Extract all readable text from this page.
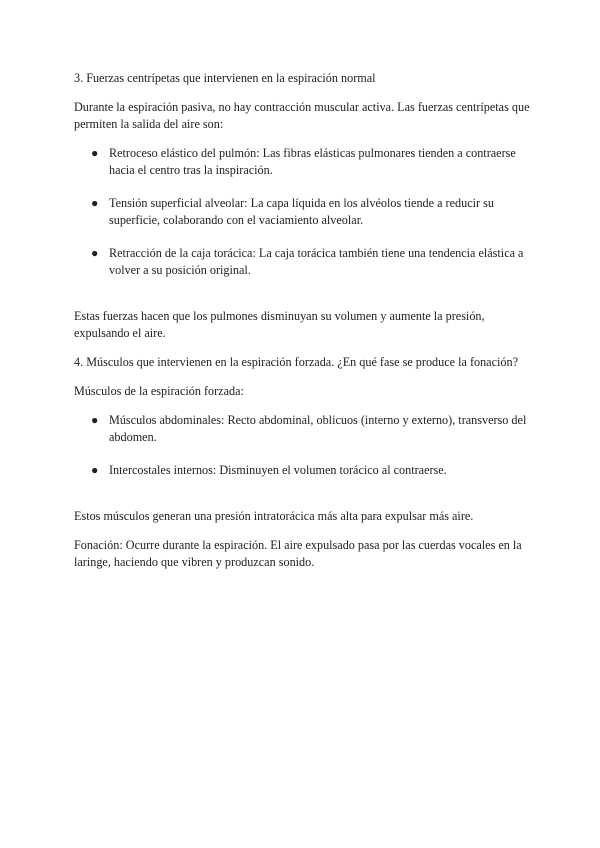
3. Fuerzas centrípetas que intervienen en la espiración normal

Durante la espiración pasiva, no hay contracción muscular activa. Las fuerzas centrípetas que permiten la salida del aire son:

● Retroceso elástico del pulmón: Las fibras elásticas pulmonares tienden a contraerse hacia el centro tras la inspiración.
● Tensión superficial alveolar: La capa líquida en los alvéolos tiende a reducir su superficie, colaborando con el vaciamiento alveolar.
● Retracción de la caja torácica: La caja torácica también tiene una tendencia elástica a volver a su posición original.

Estas fuerzas hacen que los pulmones disminuyan su volumen y aumente la presión, expulsando el aire.

4. Músculos que intervienen en la espiración forzada. ¿En qué fase se produce la fonación?

Músculos de la espiración forzada:

● Músculos abdominales: Recto abdominal, oblicuos (interno y externo), transverso del abdomen.
● Intercostales internos: Disminuyen el volumen torácico al contraerse.

Estos músculos generan una presión intratorácica más alta para expulsar más aire.

Fonación: Ocurre durante la espiración. El aire expulsado pasa por las cuerdas vocales en la laringe, haciendo que vibren y produzcan sonido.
